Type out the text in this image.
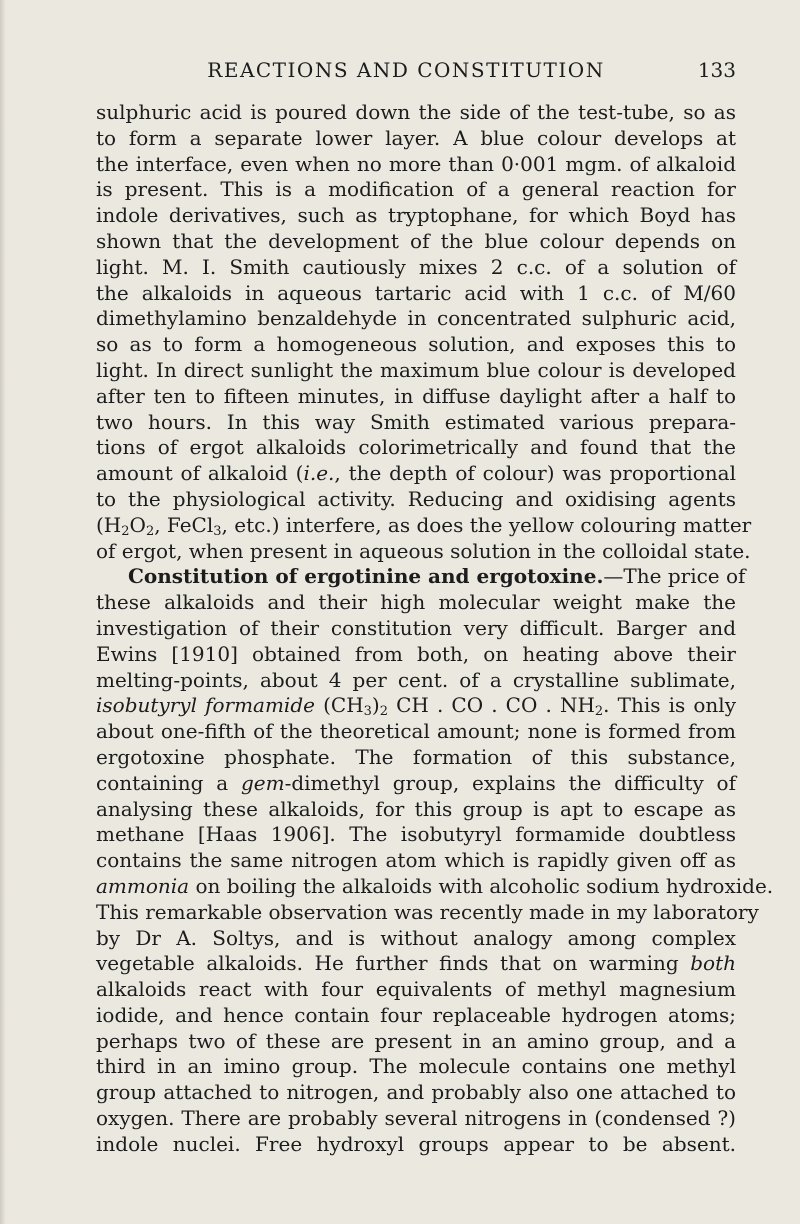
REACTIONS AND CONSTITUTION	133
sulphuric acid is poured down the side of the test-tube, so as
to form a separate lower layer. A blue colour develops at
the interface, even when no more than 0·001 mgm. of alkaloid
is present. This is a modification of a general reaction for
indole derivatives, such as tryptophane, for which Boyd has
shown that the development of the blue colour depends on
light. M. I. Smith cautiously mixes 2 c.c. of a solution of
the alkaloids in aqueous tartaric acid with 1 c.c. of M/60
dimethylamino benzaldehyde in concentrated sulphuric acid,
so as to form a homogeneous solution, and exposes this to
light. In direct sunlight the maximum blue colour is developed
after ten to fifteen minutes, in diffuse daylight after a half to
two hours. In this way Smith estimated various prepara-
tions of ergot alkaloids colorimetrically and found that the
amount of alkaloid (i.e., the depth of colour) was proportional
to the physiological activity. Reducing and oxidising agents
($H_2O_2$, FeCl$_3$, etc.) interfere, as does the yellow colouring matter
of ergot, when present in aqueous solution in the colloidal state.
Constitution of ergotinine and ergotoxine.—The price of
these alkaloids and their high molecular weight make the
investigation of their constitution very difficult. Barger and
Ewins [1910] obtained from both, on heating above their
melting-points, about 4 per cent. of a crystalline sublimate,
isobutyryl formamide $(CH_3)_2$ CH . CO . CO . $NH_2$. This is only
about one-fifth of the theoretical amount; none is formed from
ergotoxine phosphate. The formation of this substance,
containing a gem-dimethyl group, explains the difficulty of
analysing these alkaloids, for this group is apt to escape as
methane [Haas 1906]. The isobutyryl formamide doubtless
contains the same nitrogen atom which is rapidly given off as
ammonia on boiling the alkaloids with alcoholic sodium hydroxide.
This remarkable observation was recently made in my laboratory
by Dr A. Soltys, and is without analogy among complex
vegetable alkaloids. He further finds that on warming both
alkaloids react with four equivalents of methyl magnesium
iodide, and hence contain four replaceable hydrogen atoms;
perhaps two of these are present in an amino group, and a
third in an imino group. The molecule contains one methyl
group attached to nitrogen, and probably also one attached to
oxygen. There are probably several nitrogens in (condensed ?)
indole nuclei. Free hydroxyl groups appear to be absent.
